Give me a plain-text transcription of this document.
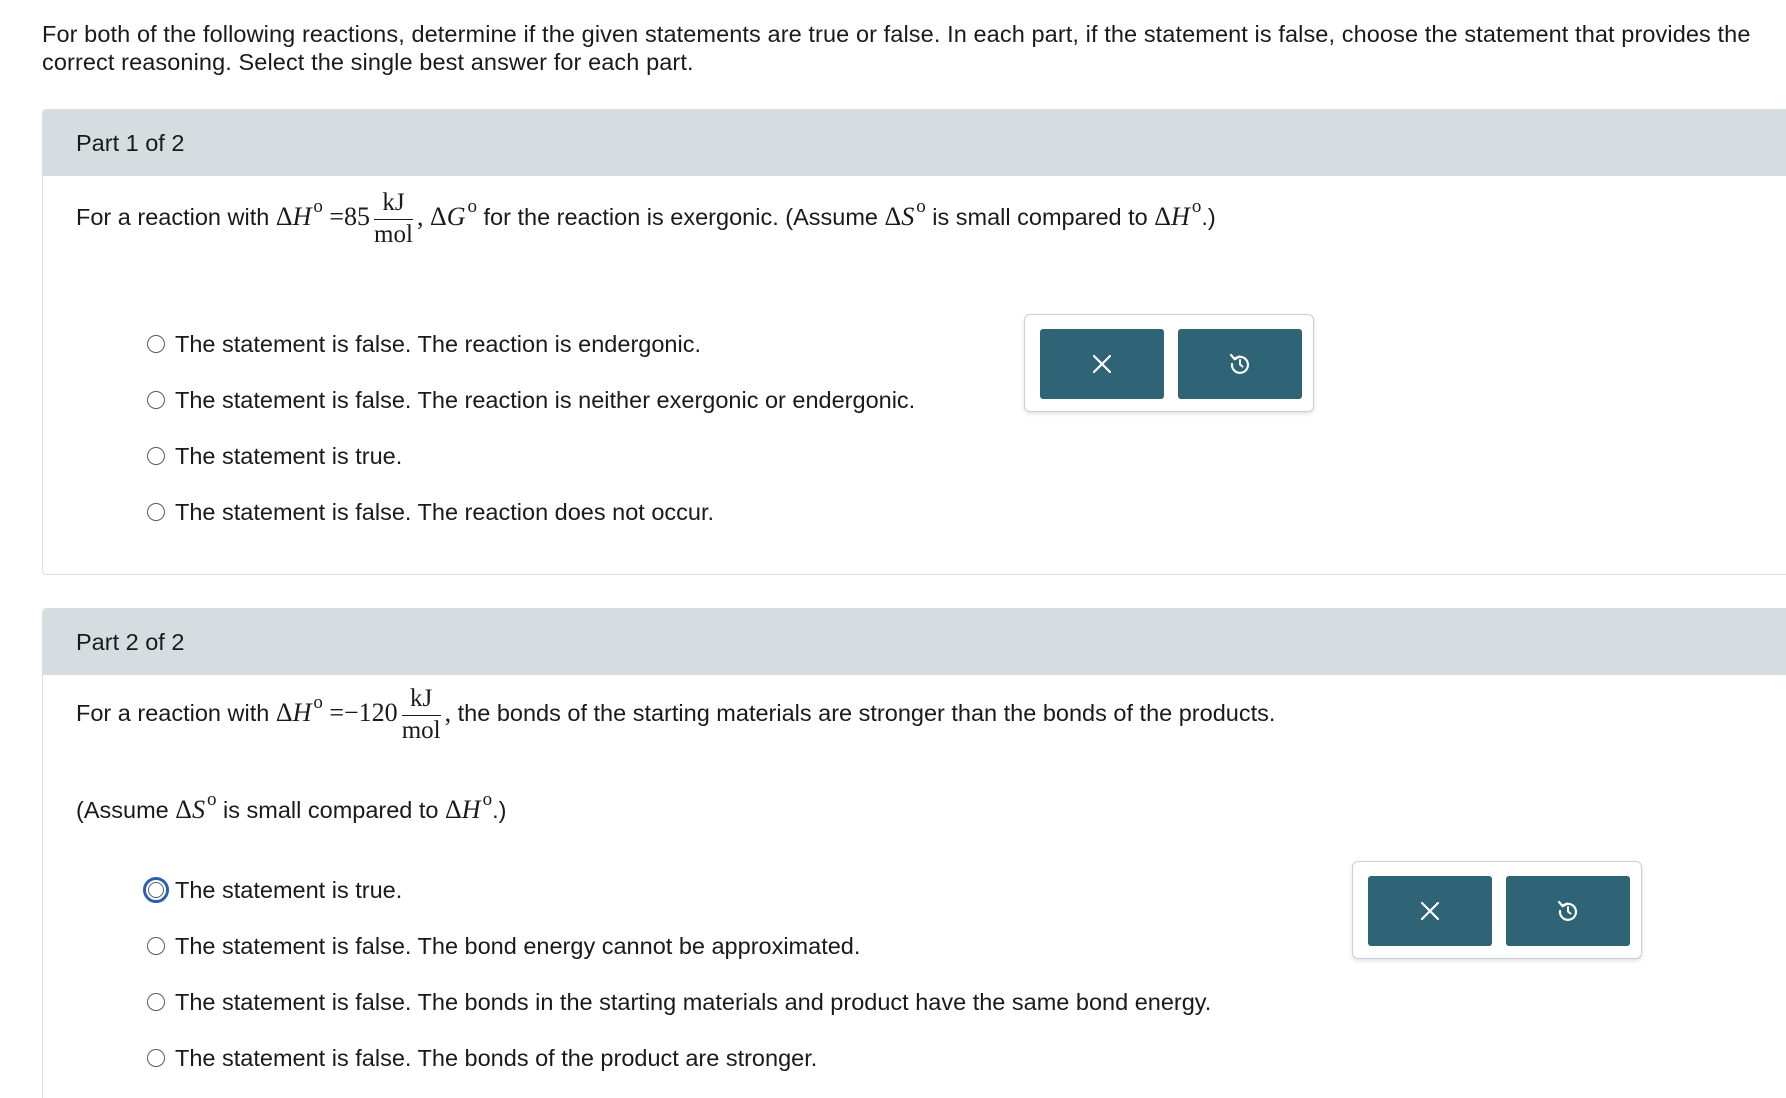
For both of the following reactions, determine if the given statements are true or false. In each part, if the statement is false, choose the statement that provides the correct reasoning. Select the single best answer for each part.
Part 1 of 2
For a reaction with ΔH $^o =85 \frac{kJ}{\text{mol}}$ , ΔG $^o$ for the reaction is exergonic. (Assume ΔS $^o$ is small compared to ΔH $^o$.)
The statement is false. The reaction is endergonic.
The statement is false. The reaction is neither exergonic or endergonic.
The statement is true.
The statement is false. The reaction does not occur.
Part 2 of 2
For a reaction with ΔH $^o =-120 \frac{kJ}{\text{mol}}$ , the bonds of the starting materials are stronger than the bonds of the products.
(Assume ΔS $^o$ is small compared to ΔH $^o$.)
The statement is true.
The statement is false. The bond energy cannot be approximated.
The statement is false. The bonds in the starting materials and product have the same bond energy.
The statement is false. The bonds of the product are stronger.
